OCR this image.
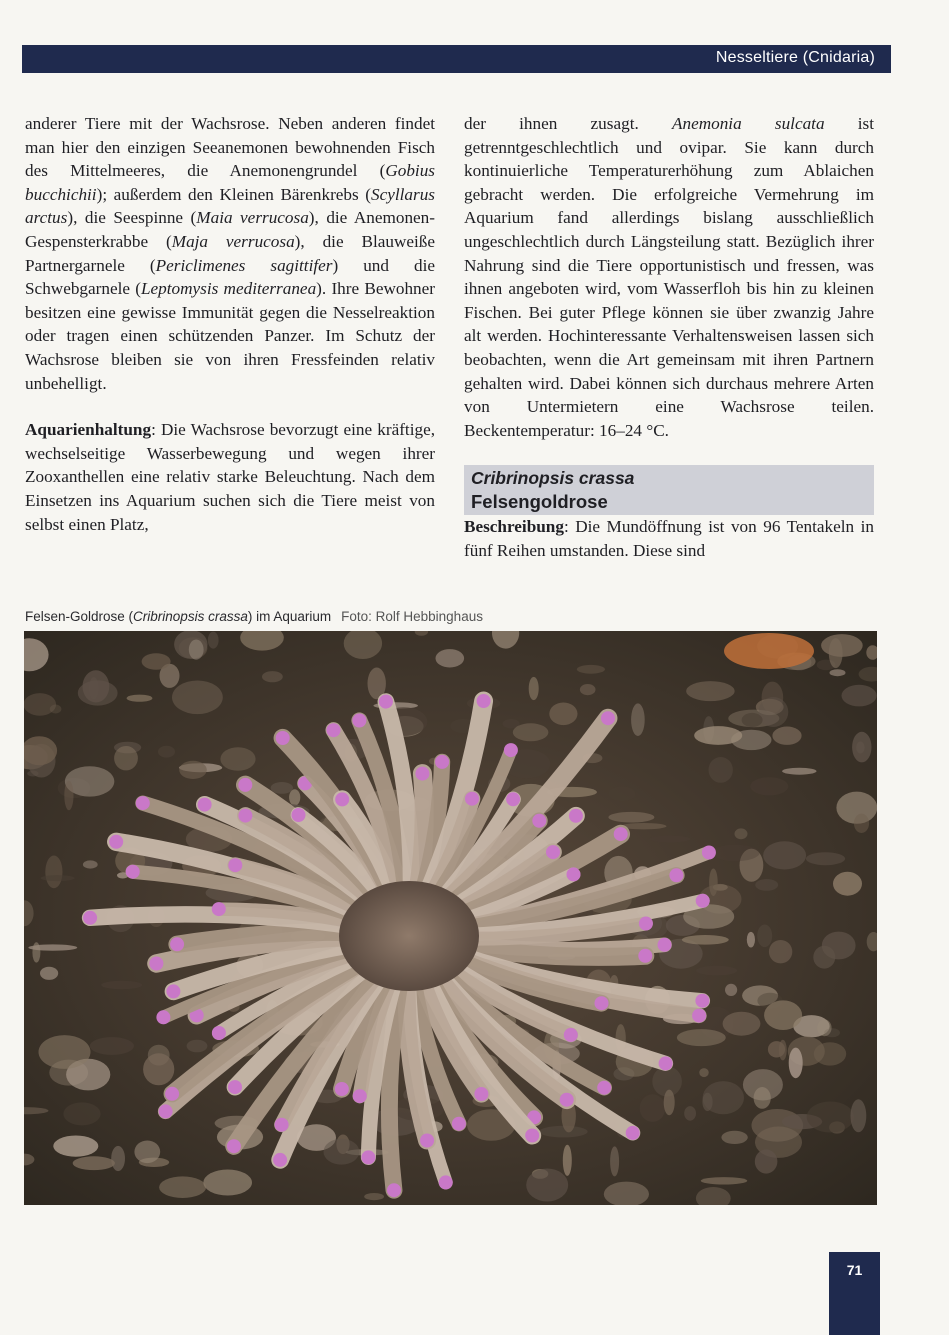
Nesseltiere (Cnidaria)

anderer Tiere mit der Wachsrose. Neben anderen findet man hier den einzigen Seeanemonen bewohnenden Fisch des Mittelmeeres, die Anemonengrundel (Gobius bucchichii); außerdem den Kleinen Bärenkrebs (Scyllarus arctus), die Seespinne (Maia verrucosa), die Anemonen-Gespensterkrabbe (Maja verrucosa), die Blauweiße Partnergarnele (Periclimenes sagittifer) und die Schwebgarnele (Leptomysis mediterranea). Ihre Bewohner besitzen eine gewisse Immunität gegen die Nesselreaktion oder tragen einen schützenden Panzer. Im Schutz der Wachsrose bleiben sie von ihren Fressfeinden relativ unbehelligt.

Aquarienhaltung: Die Wachsrose bevorzugt eine kräftige, wechselseitige Wasserbewegung und wegen ihrer Zooxanthellen eine relativ starke Beleuchtung. Nach dem Einsetzen ins Aquarium suchen sich die Tiere meist von selbst einen Platz,

der ihnen zusagt. Anemonia sulcata ist getrenntgeschlechtlich und ovipar. Sie kann durch kontinuierliche Temperaturerhöhung zum Ablaichen gebracht werden. Die erfolgreiche Vermehrung im Aquarium fand allerdings bislang ausschließlich ungeschlechtlich durch Längsteilung statt. Bezüglich ihrer Nahrung sind die Tiere opportunistisch und fressen, was ihnen angeboten wird, vom Wasserfloh bis hin zu kleinen Fischen. Bei guter Pflege können sie über zwanzig Jahre alt werden. Hochinteressante Verhaltensweisen lassen sich beobachten, wenn die Art gemeinsam mit ihren Partnern gehalten wird. Dabei können sich durchaus mehrere Arten von Untermietern eine Wachsrose teilen. Beckentemperatur: 16–24 °C.

Cribrinopsis crassa
Felsengoldrose

Beschreibung: Die Mundöffnung ist von 96 Tentakeln in fünf Reihen umstanden. Diese sind

Felsen-Goldrose (Cribrinopsis crassa) im Aquarium Foto: Rolf Hebbinghaus
71
